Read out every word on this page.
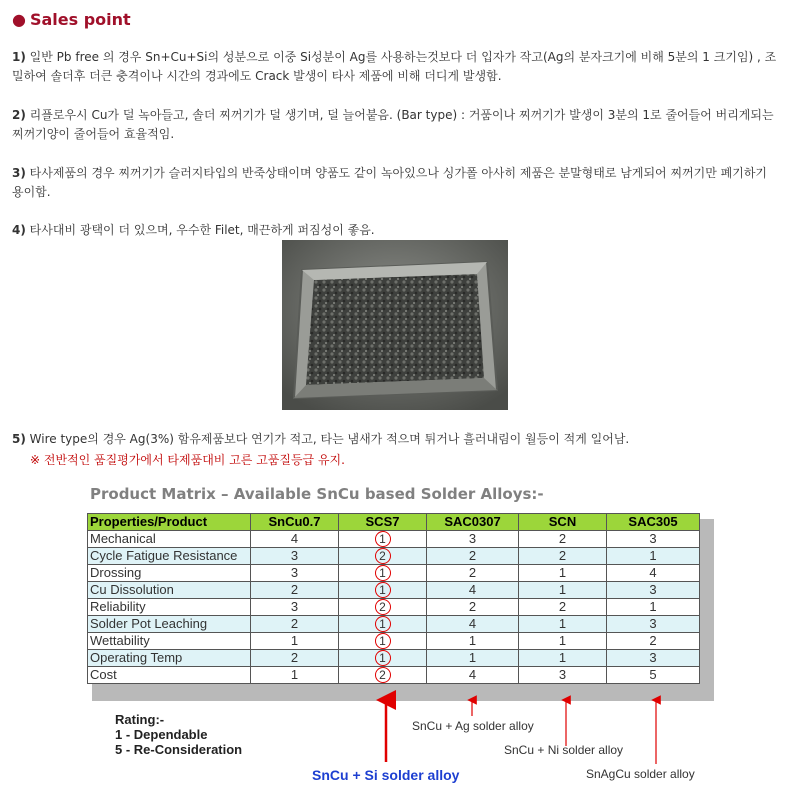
● Sales point
1) 일반 Pb free 의 경우 Sn+Cu+Si의 성분으로 이중 Si성분이 Ag를 사용하는것보다 더 입자가 작고(Ag의 분자크기에 비해 5분의 1 크기임) , 조밀하여 솔더후 더큰 충격이나 시간의 경과에도 Crack 발생이 타사 제품에 비해 더디게 발생함.
2) 리플로우시 Cu가 덜 녹아들고, 솔더 찌꺼기가 덜 생기며, 덜 늘어붙음. (Bar type) : 거품이나 찌꺼기가 발생이 3분의 1로 줄어들어 버리게되는 찌꺼기양이 줄어들어 효율적임.
3) 타사제품의 경우 찌꺼기가 슬러지타입의 반죽상태이며 양품도 같이 녹아있으나 싱가폴 아사히 제품은 분말형태로 남게되어 찌꺼기만 폐기하기 용이함.
4) 타사대비 광택이 더 있으며, 우수한 Filet, 매끈하게 퍼짐성이 좋음.
5) Wire type의 경우 Ag(3%) 함유제품보다 연기가 적고, 타는 냄새가 적으며 튀거나 흘러내림이 월등이 적게 일어남.
※ 전반적인 품질평가에서 타제품대비 고른 고품질등급 유지.
Product Matrix – Available SnCu based Solder Alloys:-
Properties/Product	SnCu0.7	SCS7	SAC0307	SCN	SAC305
Mechanical	4	1	3	2	3
Cycle Fatigue Resistance	3	2	2	2	1
Drossing	3	1	2	1	4
Cu Dissolution	2	1	4	1	3
Reliability	3	2	2	2	1
Solder Pot Leaching	2	1	4	1	3
Wettability	1	1	1	1	2
Operating Temp	2	1	1	1	3
Cost	1	2	4	3	5
Rating:-
1 - Dependable
5 - Re-Consideration
SnCu + Ag solder alloy
SnCu + Ni solder alloy
SnAgCu solder alloy
SnCu + Si solder alloy
